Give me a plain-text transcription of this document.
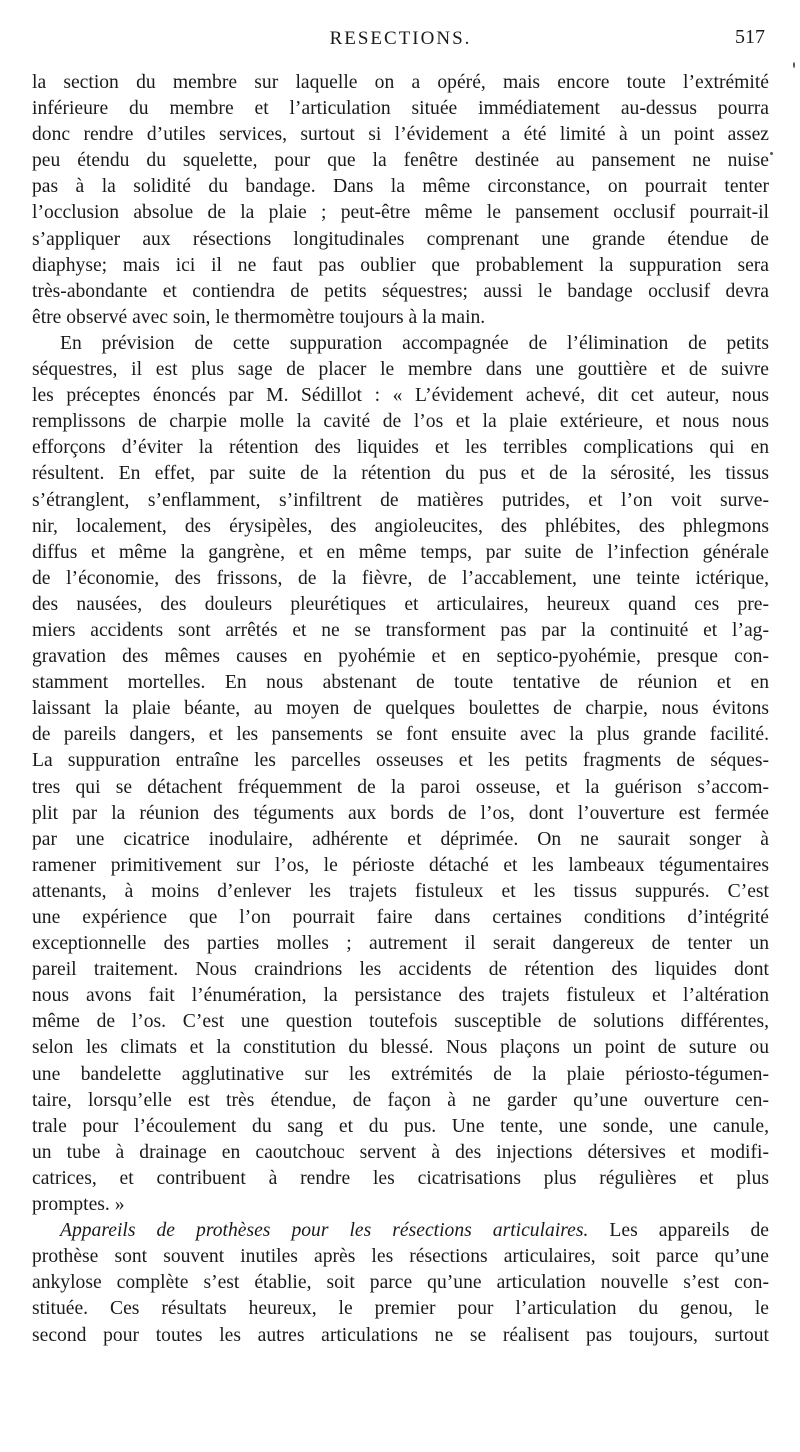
RESECTIONS.	517

la section du membre sur laquelle on a opéré, mais encore toute l’extrémité
inférieure du membre et l’articulation située immédiatement au-dessus pourra
donc rendre d’utiles services, surtout si l’évidement a été limité à un point assez
peu étendu du squelette, pour que la fenêtre destinée au pansement ne nuise
pas à la solidité du bandage. Dans la même circonstance, on pourrait tenter
l’occlusion absolue de la plaie ; peut-être même le pansement occlusif pourrait-il
s’appliquer aux résections longitudinales comprenant une grande étendue de
diaphyse; mais ici il ne faut pas oublier que probablement la suppuration sera
très-abondante et contiendra de petits séquestres; aussi le bandage occlusif devra
être observé avec soin, le thermomètre toujours à la main.

En prévision de cette suppuration accompagnée de l’élimination de petits
séquestres, il est plus sage de placer le membre dans une gouttière et de suivre
les préceptes énoncés par M. Sédillot : « L’évidement achevé, dit cet auteur, nous
remplissons de charpie molle la cavité de l’os et la plaie extérieure, et nous nous
efforçons d’éviter la rétention des liquides et les terribles complications qui en
résultent. En effet, par suite de la rétention du pus et de la sérosité, les tissus
s’étranglent, s’enflamment, s’infiltrent de matières putrides, et l’on voit surve-
nir, localement, des érysipèles, des angioleucites, des phlébites, des phlegmons
diffus et même la gangrène, et en même temps, par suite de l’infection générale
de l’économie, des frissons, de la fièvre, de l’accablement, une teinte ictérique,
des nausées, des douleurs pleurétiques et articulaires, heureux quand ces pre-
miers accidents sont arrêtés et ne se transforment pas par la continuité et l’ag-
gravation des mêmes causes en pyohémie et en septico-pyohémie, presque con-
stamment mortelles. En nous abstenant de toute tentative de réunion et en
laissant la plaie béante, au moyen de quelques boulettes de charpie, nous évitons
de pareils dangers, et les pansements se font ensuite avec la plus grande facilité.
La suppuration entraîne les parcelles osseuses et les petits fragments de séques-
tres qui se détachent fréquemment de la paroi osseuse, et la guérison s’accom-
plit par la réunion des téguments aux bords de l’os, dont l’ouverture est fermée
par une cicatrice inodulaire, adhérente et déprimée. On ne saurait songer à
ramener primitivement sur l’os, le périoste détaché et les lambeaux tégumentaires
attenants, à moins d’enlever les trajets fistuleux et les tissus suppurés. C’est
une expérience que l’on pourrait faire dans certaines conditions d’intégrité
exceptionnelle des parties molles ; autrement il serait dangereux de tenter un
pareil traitement. Nous craindrions les accidents de rétention des liquides dont
nous avons fait l’énumération, la persistance des trajets fistuleux et l’altération
même de l’os. C’est une question toutefois susceptible de solutions différentes,
selon les climats et la constitution du blessé. Nous plaçons un point de suture ou
une bandelette agglutinative sur les extrémités de la plaie périosto-tégumen-
taire, lorsqu’elle est très étendue, de façon à ne garder qu’une ouverture cen-
trale pour l’écoulement du sang et du pus. Une tente, une sonde, une canule,
un tube à drainage en caoutchouc servent à des injections détersives et modifi-
catrices, et contribuent à rendre les cicatrisations plus régulières et plus
promptes. »

Appareils de prothèses pour les résections articulaires. Les appareils de
prothèse sont souvent inutiles après les résections articulaires, soit parce qu’une
ankylose complète s’est établie, soit parce qu’une articulation nouvelle s’est con-
stituée. Ces résultats heureux, le premier pour l’articulation du genou, le
second pour toutes les autres articulations ne se réalisent pas toujours, surtout
